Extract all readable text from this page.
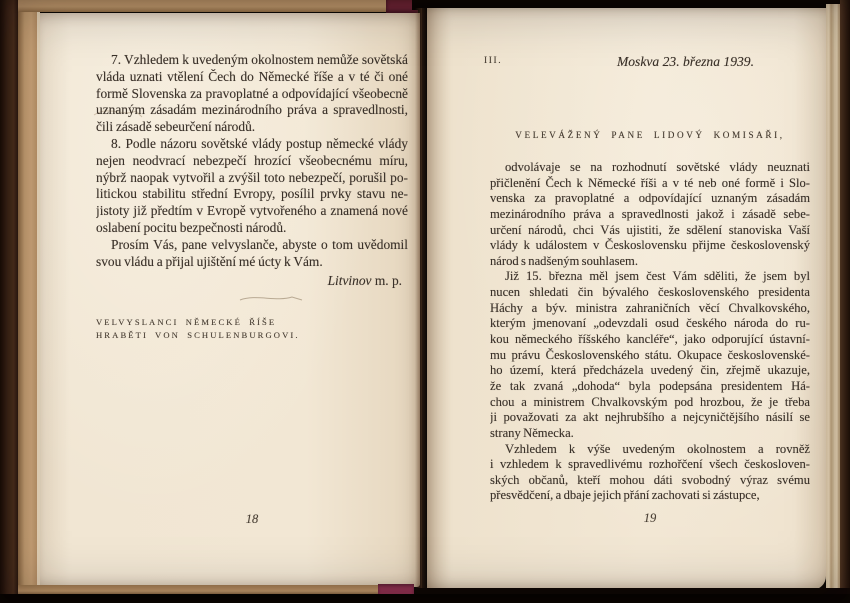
7. Vzhledem k uvedeným okolnostem nemůže sovětská
vláda uznati vtělení Čech do Německé říše a v té či oné
formě Slovenska za pravoplatné a odpovídající všeobecně
uznaným zásadám mezinárodního práva a spravedlnosti,
čili zásadě sebeurčení národů.
8. Podle názoru sovětské vlády postup německé vlády
nejen neodvrací nebezpečí hrozící všeobecnému míru,
nýbrž naopak vytvořil a zvýšil toto nebezpečí, porušil po-
litickou stabilitu střední Evropy, posílil prvky stavu ne-
jistoty již předtím v Evropě vytvořeného a znamená nové
oslabení pocitu bezpečnosti národů.
Prosím Vás, pane velvyslanče, abyste o tom uvědomil
svou vládu a přijal ujištění mé úcty k Vám.
Litvinov m. p.
VELVYSLANCI NĚMECKÉ ŘÍŠE
HRABĚTI VON SCHULENBURGOVI.
18
III.	Moskva 23. března 1939.
VELEVÁŽENÝ PANE LIDOVÝ KOMISAŘI,
odvolávaje se na rozhodnutí sovětské vlády neuznati
přičlenění Čech k Německé říši a v té neb oné formě i Slo-
venska za pravoplatné a odpovídající uznaným zásadám
mezinárodního práva a spravedlnosti jakož i zásadě sebe-
určení národů, chci Vás ujistiti, že sdělení stanoviska Vaší
vlády k událostem v Československu přijme československý
národ s nadšeným souhlasem.
Již 15. března měl jsem čest Vám sděliti, že jsem byl
nucen shledati čin bývalého československého presidenta
Háchy a býv. ministra zahraničních věcí Chvalkovského,
kterým jmenovaní „odevzdali osud českého národa do ru-
kou německého říšského kancléře“, jako odporující ústavní-
mu právu Československého státu. Okupace československé-
ho území, která předcházela uvedený čin, zřejmě ukazuje,
že tak zvaná „dohoda“ byla podepsána presidentem Há-
chou a ministrem Chvalkovským pod hrozbou, že je třeba
ji považovati za akt nejhrubšího a nejcyničtějšího násilí se
strany Německa.
Vzhledem k výše uvedeným okolnostem a rovněž
i vzhledem k spravedlivému rozhořčení všech českosloven-
ských občanů, kteří mohou dáti svobodný výraz svému
přesvědčení, a dbaje jejich přání zachovati si zástupce,
19
